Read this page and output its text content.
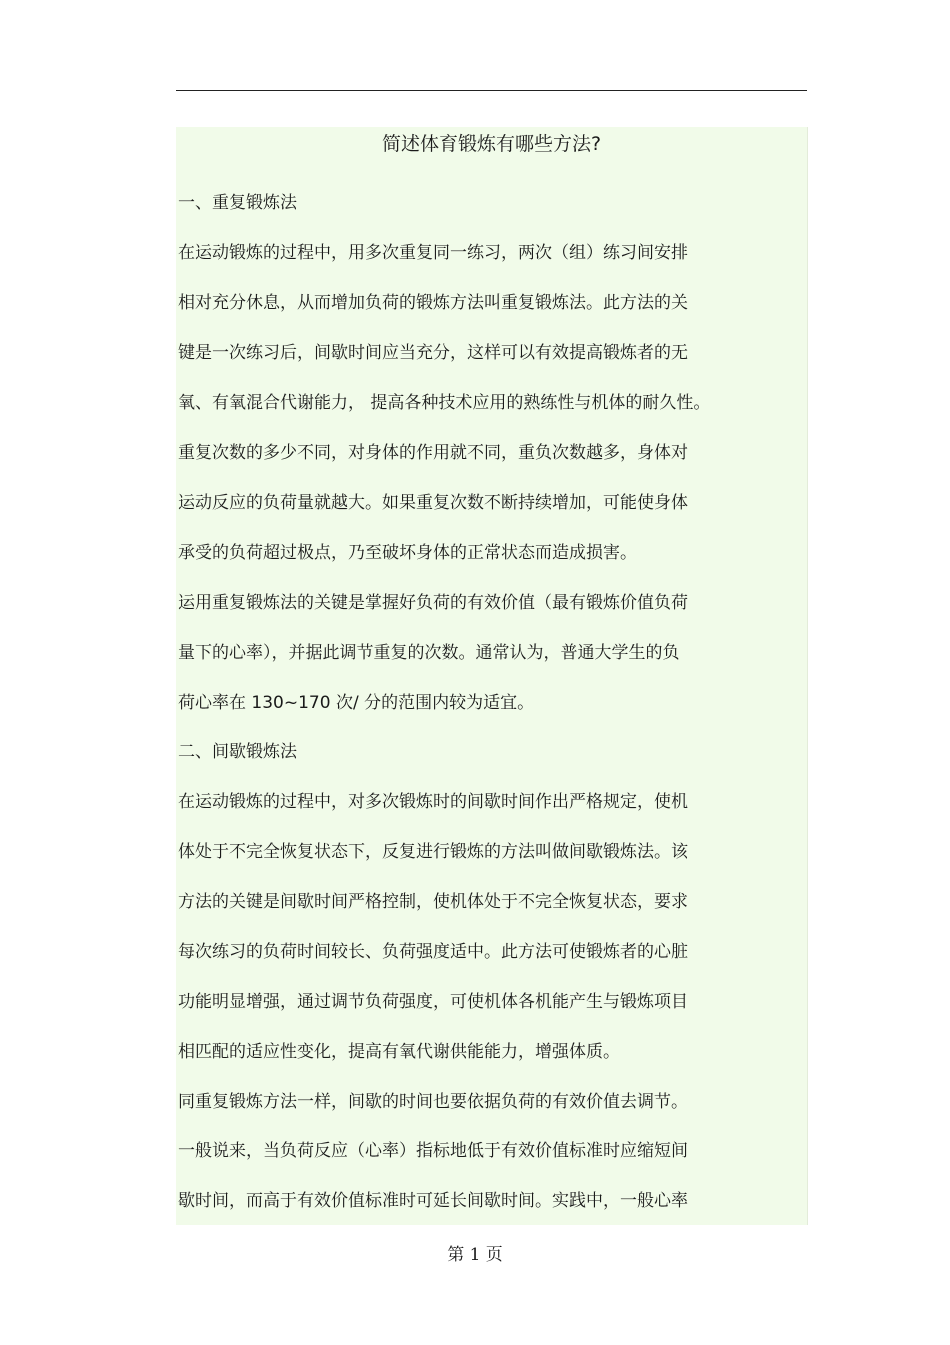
简述体育锻炼有哪些方法?

一、重复锻炼法

在运动锻炼的过程中，用多次重复同一练习，两次（组）练习间安排

相对充分休息，从而增加负荷的锻炼方法叫重复锻炼法。此方法的关

键是一次练习后，间歇时间应当充分，这样可以有效提高锻炼者的无

氧、有氧混合代谢能力， 提高各种技术应用的熟练性与机体的耐久性。

重复次数的多少不同，对身体的作用就不同，重负次数越多，身体对

运动反应的负荷量就越大。如果重复次数不断持续增加，可能使身体

承受的负荷超过极点，乃至破坏身体的正常状态而造成损害。

运用重复锻炼法的关键是掌握好负荷的有效价值（最有锻炼价值负荷

量下的心率），并据此调节重复的次数。通常认为，普通大学生的负

荷心率在 130~170 次/ 分的范围内较为适宜。

二、间歇锻炼法

在运动锻炼的过程中，对多次锻炼时的间歇时间作出严格规定，使机

体处于不完全恢复状态下，反复进行锻炼的方法叫做间歇锻炼法。该

方法的关键是间歇时间严格控制，使机体处于不完全恢复状态，要求

每次练习的负荷时间较长、负荷强度适中。此方法可使锻炼者的心脏

功能明显增强，通过调节负荷强度，可使机体各机能产生与锻炼项目

相匹配的适应性变化，提高有氧代谢供能能力，增强体质。

同重复锻炼方法一样，间歇的时间也要依据负荷的有效价值去调节。

一般说来，当负荷反应（心率）指标地低于有效价值标准时应缩短间

歇时间，而高于有效价值标准时可延长间歇时间。实践中，一般心率

第 1 页
